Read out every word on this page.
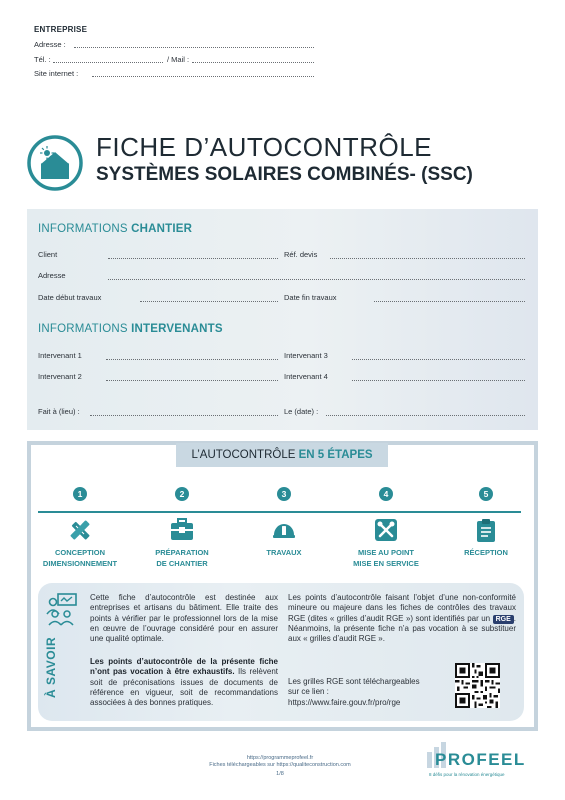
ENTREPRISE
Adresse :
Tél. :	/ Mail :
Site internet :
FICHE D’AUTOCONTRÔLE
SYSTÈMES SOLAIRES COMBINÉS- (SSC)
INFORMATIONS CHANTIER
Client	Réf. devis
Adresse
Date début travaux	Date fin travaux
INFORMATIONS INTERVENANTS
Intervenant 1	Intervenant 3
Intervenant 2	Intervenant 4
Fait à (lieu) :	Le (date) :
L’AUTOCONTRÔLE EN 5 ÉTAPES
1
CONCEPTION
DIMENSIONNEMENT
2
PRÉPARATION
DE CHANTIER
3
TRAVAUX
4
MISE AU POINT
MISE EN SERVICE
5
RÉCEPTION
À SAVOIR
Cette fiche d’autocontrôle est destinée aux entreprises et artisans du bâtiment. Elle traite des points à vérifier par le professionnel lors de la mise en œuvre de l’ouvrage considéré pour en assurer une qualité optimale.
Les points d’autocontrôle de la présente fiche n’ont pas vocation à être exhaustifs. Ils relèvent soit de préconisations issues de documents de référence en vigueur, soit de recommandations associées à des bonnes pratiques.
Les points d’autocontrôle faisant l’objet d’une non-conformité mineure ou majeure dans les fiches de contrôles des travaux RGE (dites « grilles d’audit RGE ») sont identifiés par un RGE . Néanmoins, la présente fiche n’a pas vocation à se substituer aux « grilles d’audit RGE ».
Les grilles RGE sont téléchargeables
sur ce lien :
https://www.faire.gouv.fr/pro/rge
https://programmeprofeel.fr
Fiches téléchargeables sur https://qualiteconstruction.com
1/8
PROFEEL
8 défis pour la rénovation énergétique
